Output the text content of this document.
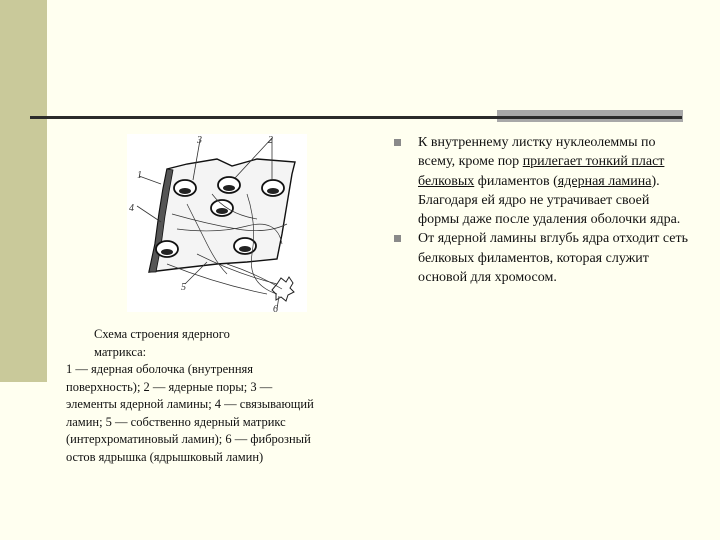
1
2
3
4
5
6
Схема строения ядерного
матрикса:
1 — ядерная оболочка (внутренняя поверхность); 2 — ядерные поры; 3 — элементы ядерной ламины; 4 — связывающий ламин; 5 — собственно ядерный матрикс (интерхроматиновый ламин); 6 — фиброзный остов ядрышка (ядрышковый ламин)
К внутреннему листку нуклеолеммы по всему, кроме пор прилегает тонкий пласт белковых филаментов (ядерная ламина). Благодаря ей ядро не утрачивает своей формы даже после удаления оболочки ядра.
От ядерной ламины вглубь ядра отходит сеть белковых филаментов, которая служит основой для хромосом.
